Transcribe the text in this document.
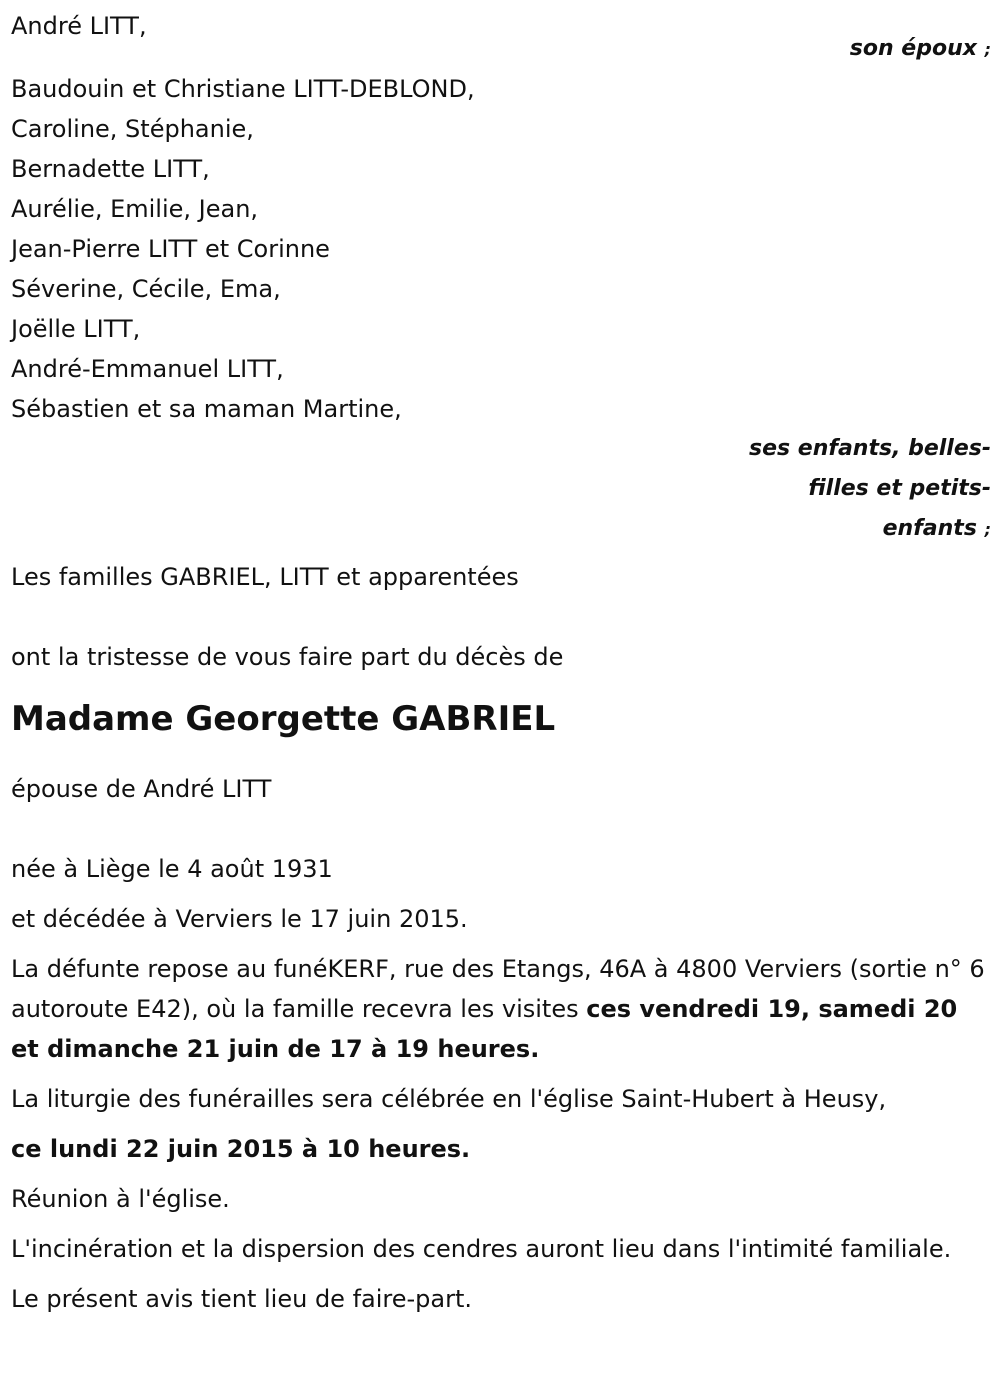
André LITT,
son époux ;
Baudouin et Christiane LITT-DEBLOND,
Caroline, Stéphanie,
Bernadette LITT,
Aurélie, Emilie, Jean,
Jean-Pierre LITT et Corinne
Séverine, Cécile, Ema,
Joëlle LITT,
André-Emmanuel LITT,
Sébastien et sa maman Martine,
ses enfants, belles-
filles et petits-
enfants ;
Les familles GABRIEL, LITT et apparentées
ont la tristesse de vous faire part du décès de
Madame Georgette GABRIEL
épouse de André LITT
née à Liège le 4 août 1931
et décédée à Verviers le 17 juin 2015.

La défunte repose au funéKERF, rue des Etangs, 46A à 4800 Verviers (sortie n° 6 autoroute E42), où la famille recevra les visites ces vendredi 19, samedi 20 et dimanche 21 juin de 17 à 19 heures.

La liturgie des funérailles sera célébrée en l'église Saint-Hubert à Heusy,
ce lundi 22 juin 2015 à 10 heures.
Réunion à l'église.

L'incinération et la dispersion des cendres auront lieu dans l'intimité familiale.

Le présent avis tient lieu de faire-part.
